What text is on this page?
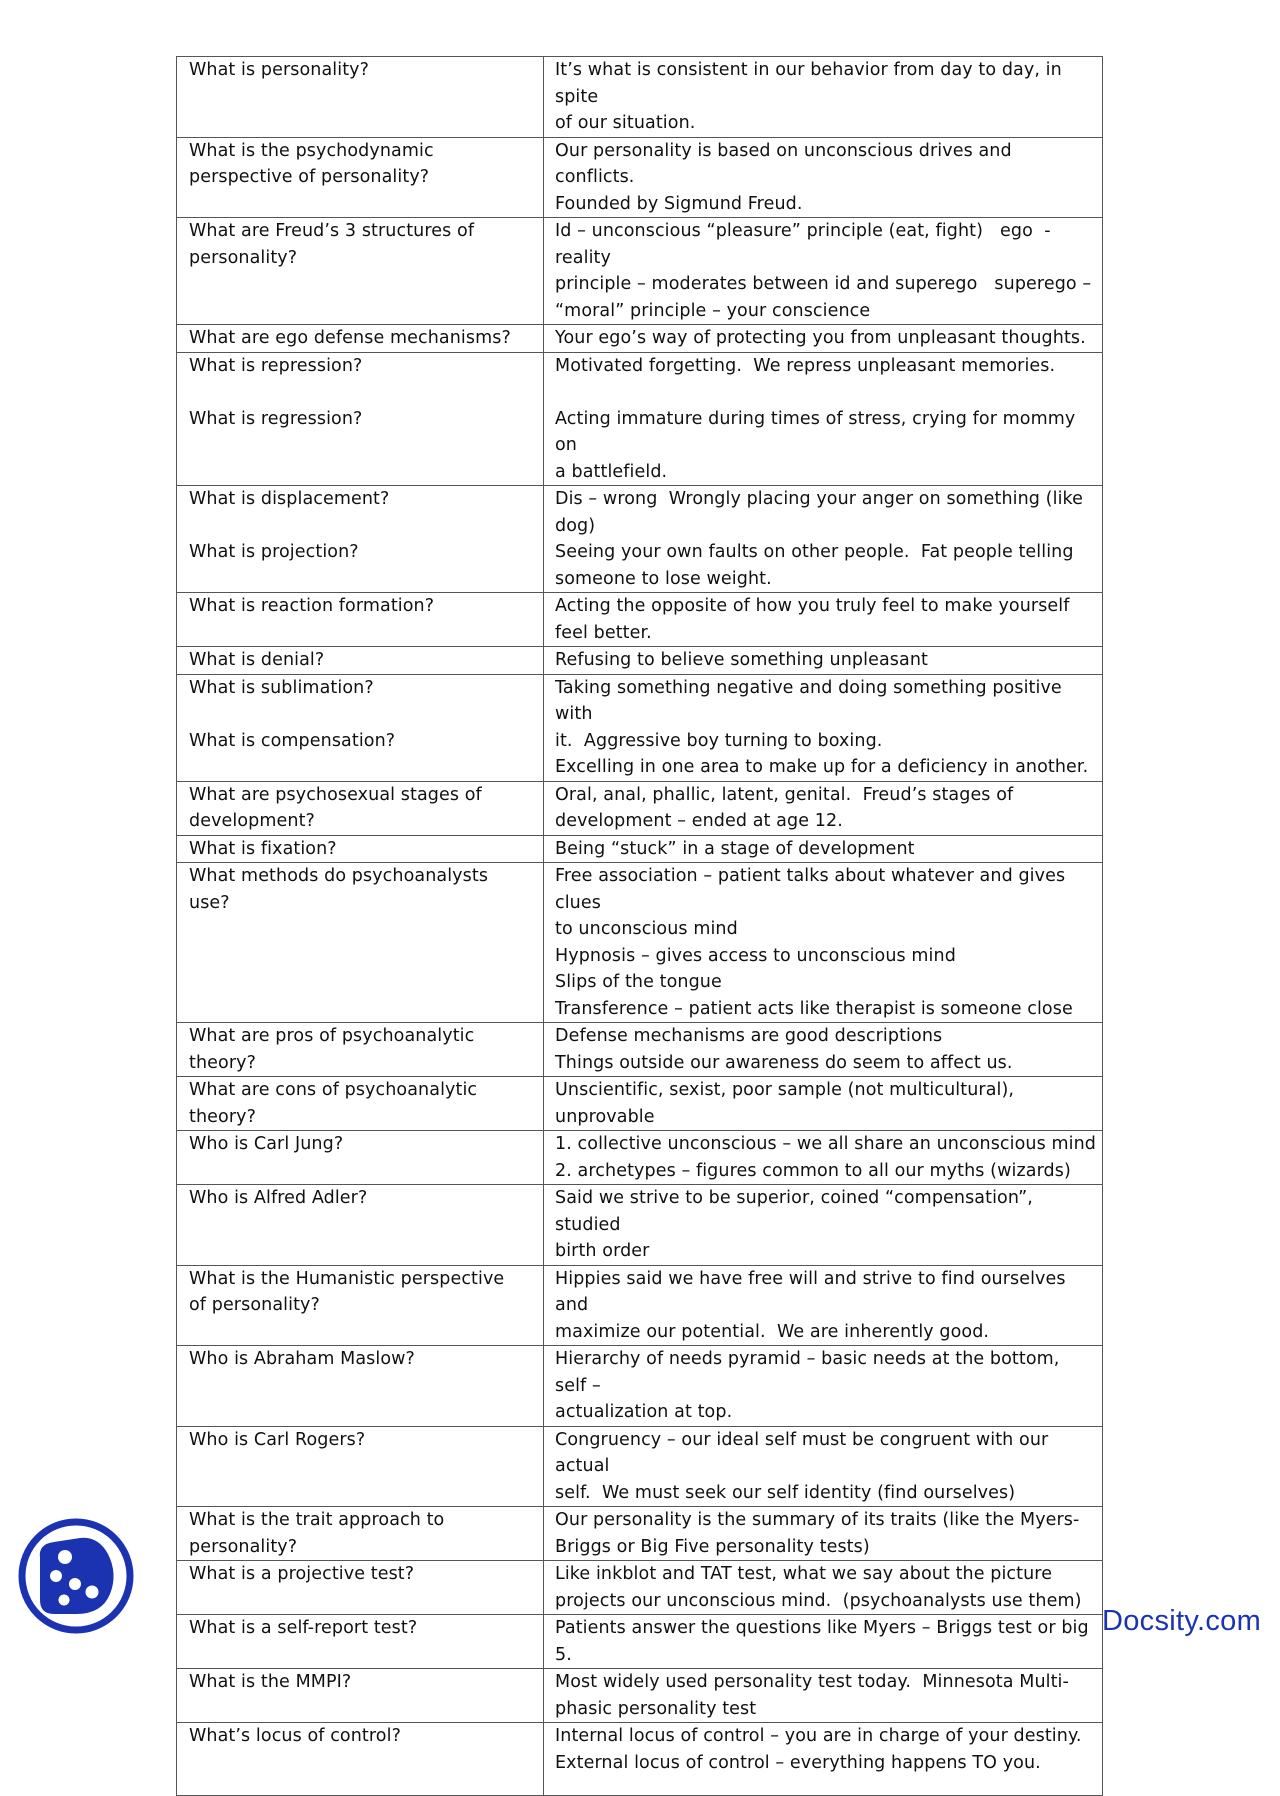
What is personality?	It’s what is consistent in our behavior from day to day, in spite
of our situation.

What is the psychodynamic
perspective of personality?	Our personality is based on unconscious drives and conflicts.
Founded by Sigmund Freud.

What are Freud’s 3 structures of
personality?	Id – unconscious “pleasure” principle (eat, fight)   ego  - reality
principle – moderates between id and superego   superego –
“moral” principle – your conscience

What are ego defense mechanisms?	Your ego’s way of protecting you from unpleasant thoughts.

What is repression?
What is regression?	Motivated forgetting.  We repress unpleasant memories.
Acting immature during times of stress, crying for mommy on
a battlefield.

What is displacement?
What is projection?	Dis – wrong  Wrongly placing your anger on something (like
dog)
Seeing your own faults on other people.  Fat people telling
someone to lose weight.

What is reaction formation?	Acting the opposite of how you truly feel to make yourself
feel better.

What is denial?	Refusing to believe something unpleasant

What is sublimation?
What is compensation?	Taking something negative and doing something positive with
it.  Aggressive boy turning to boxing.
Excelling in one area to make up for a deficiency in another.

What are psychosexual stages of
development?	Oral, anal, phallic, latent, genital.  Freud’s stages of
development – ended at age 12.

What is fixation?	Being “stuck” in a stage of development

What methods do psychoanalysts
use?	Free association – patient talks about whatever and gives clues
to unconscious mind
Hypnosis – gives access to unconscious mind
Slips of the tongue
Transference – patient acts like therapist is someone close

What are pros of psychoanalytic
theory?	Defense mechanisms are good descriptions
Things outside our awareness do seem to affect us.

What are cons of psychoanalytic
theory?	Unscientific, sexist, poor sample (not multicultural),
unprovable

Who is Carl Jung?	1. collective unconscious – we all share an unconscious mind
2. archetypes – figures common to all our myths (wizards)

Who is Alfred Adler?	Said we strive to be superior, coined “compensation”, studied
birth order

What is the Humanistic perspective
of personality?	Hippies said we have free will and strive to find ourselves and
maximize our potential.  We are inherently good.

Who is Abraham Maslow?	Hierarchy of needs pyramid – basic needs at the bottom, self –
actualization at top.

Who is Carl Rogers?	Congruency – our ideal self must be congruent with our actual
self.  We must seek our self identity (find ourselves)

What is the trait approach to
personality?	Our personality is the summary of its traits (like the Myers-
Briggs or Big Five personality tests)

What is a projective test?	Like inkblot and TAT test, what we say about the picture
projects our unconscious mind.  (psychoanalysts use them)

What is a self-report test?	Patients answer the questions like Myers – Briggs test or big
5.

What is the MMPI?	Most widely used personality test today.  Minnesota Multi-
phasic personality test

What’s locus of control?	Internal locus of control – you are in charge of your destiny.
External locus of control – everything happens TO you.
Docsity.com
